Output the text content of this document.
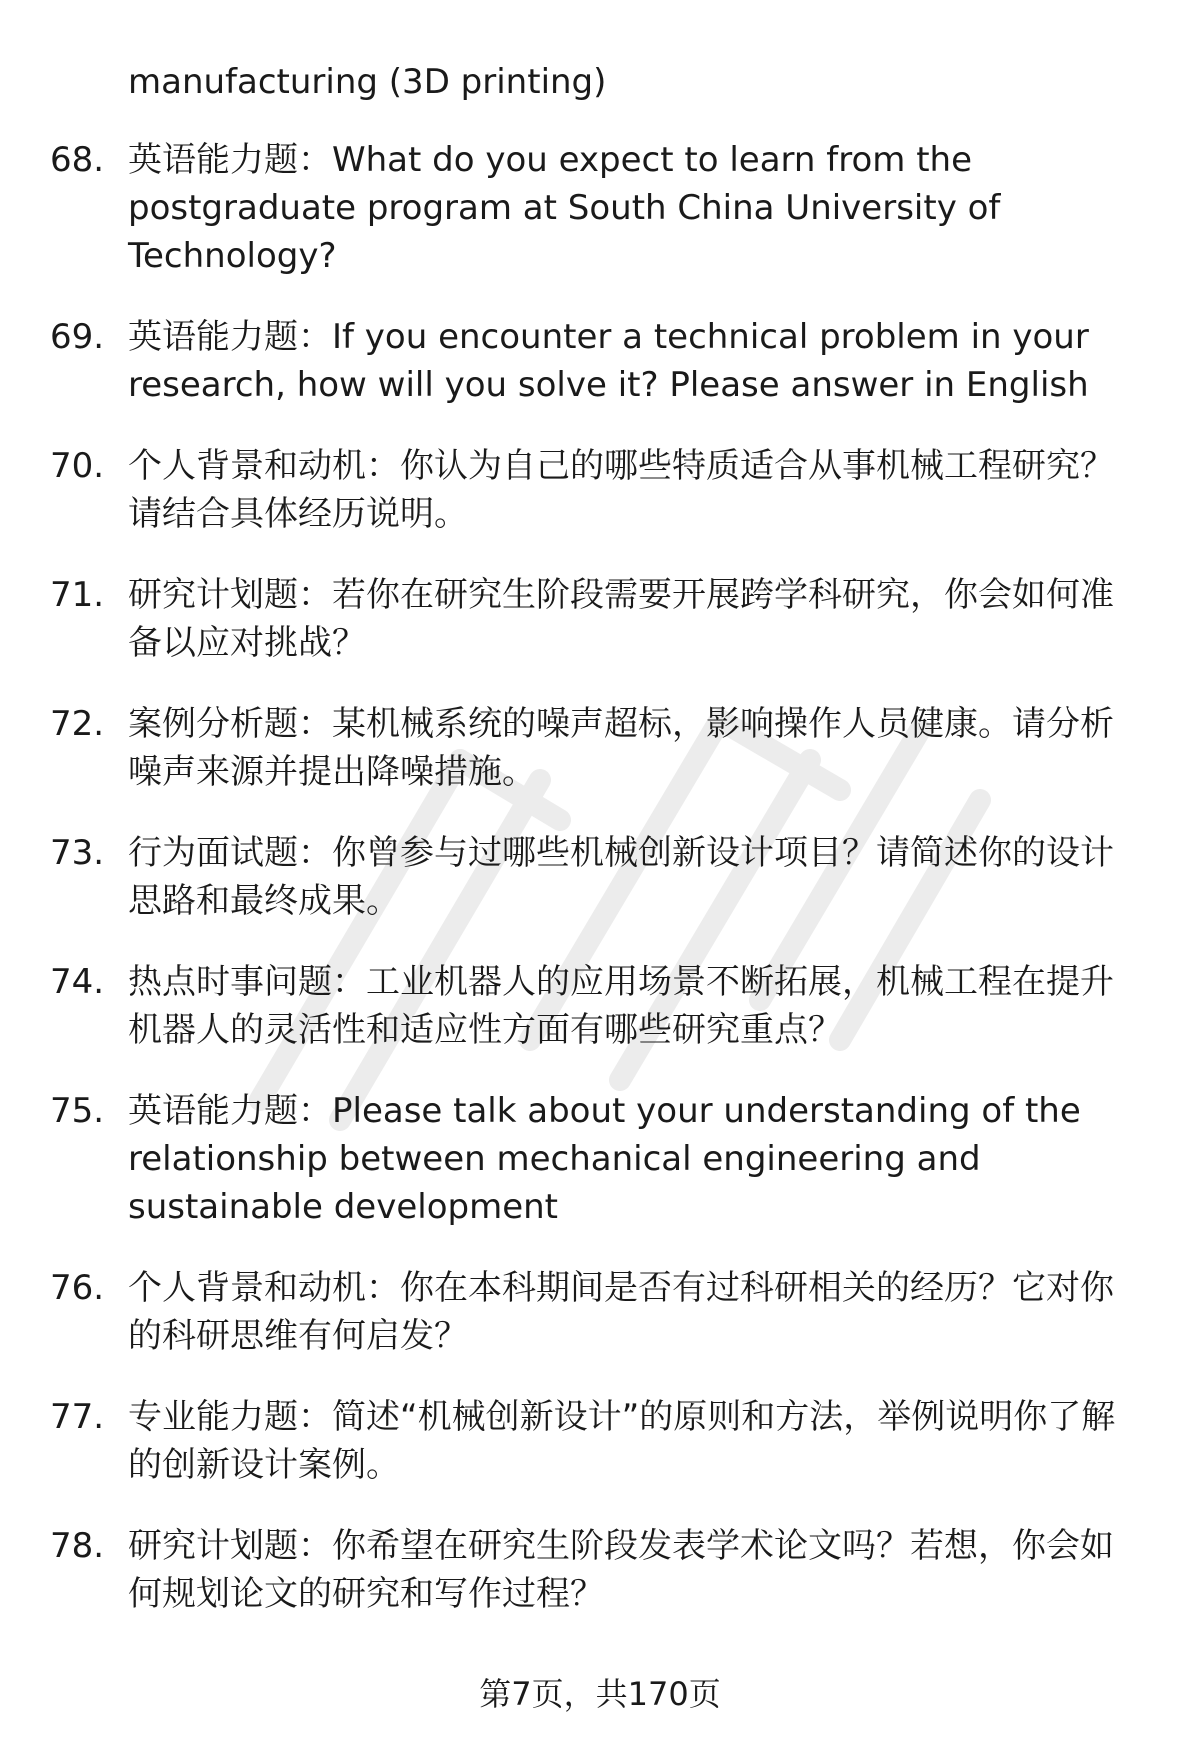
manufacturing (3D printing)
68. 英语能力题：What do you expect to learn from the postgraduate program at South China University of Technology?
69. 英语能力题：If you encounter a technical problem in your research, how will you solve it? Please answer in English
70. 个人背景和动机：你认为自己的哪些特质适合从事机械工程研究？请结合具体经历说明。
71. 研究计划题：若你在研究生阶段需要开展跨学科研究，你会如何准备以应对挑战？
72. 案例分析题：某机械系统的噪声超标，影响操作人员健康。请分析噪声来源并提出降噪措施。
73. 行为面试题：你曾参与过哪些机械创新设计项目？请简述你的设计思路和最终成果。
74. 热点时事问题：工业机器人的应用场景不断拓展，机械工程在提升机器人的灵活性和适应性方面有哪些研究重点？
75. 英语能力题：Please talk about your understanding of the relationship between mechanical engineering and sustainable development
76. 个人背景和动机：你在本科期间是否有过科研相关的经历？它对你的科研思维有何启发？
77. 专业能力题：简述“机械创新设计”的原则和方法，举例说明你了解的创新设计案例。
78. 研究计划题：你希望在研究生阶段发表学术论文吗？若想，你会如何规划论文的研究和写作过程？
第7页，共170页
